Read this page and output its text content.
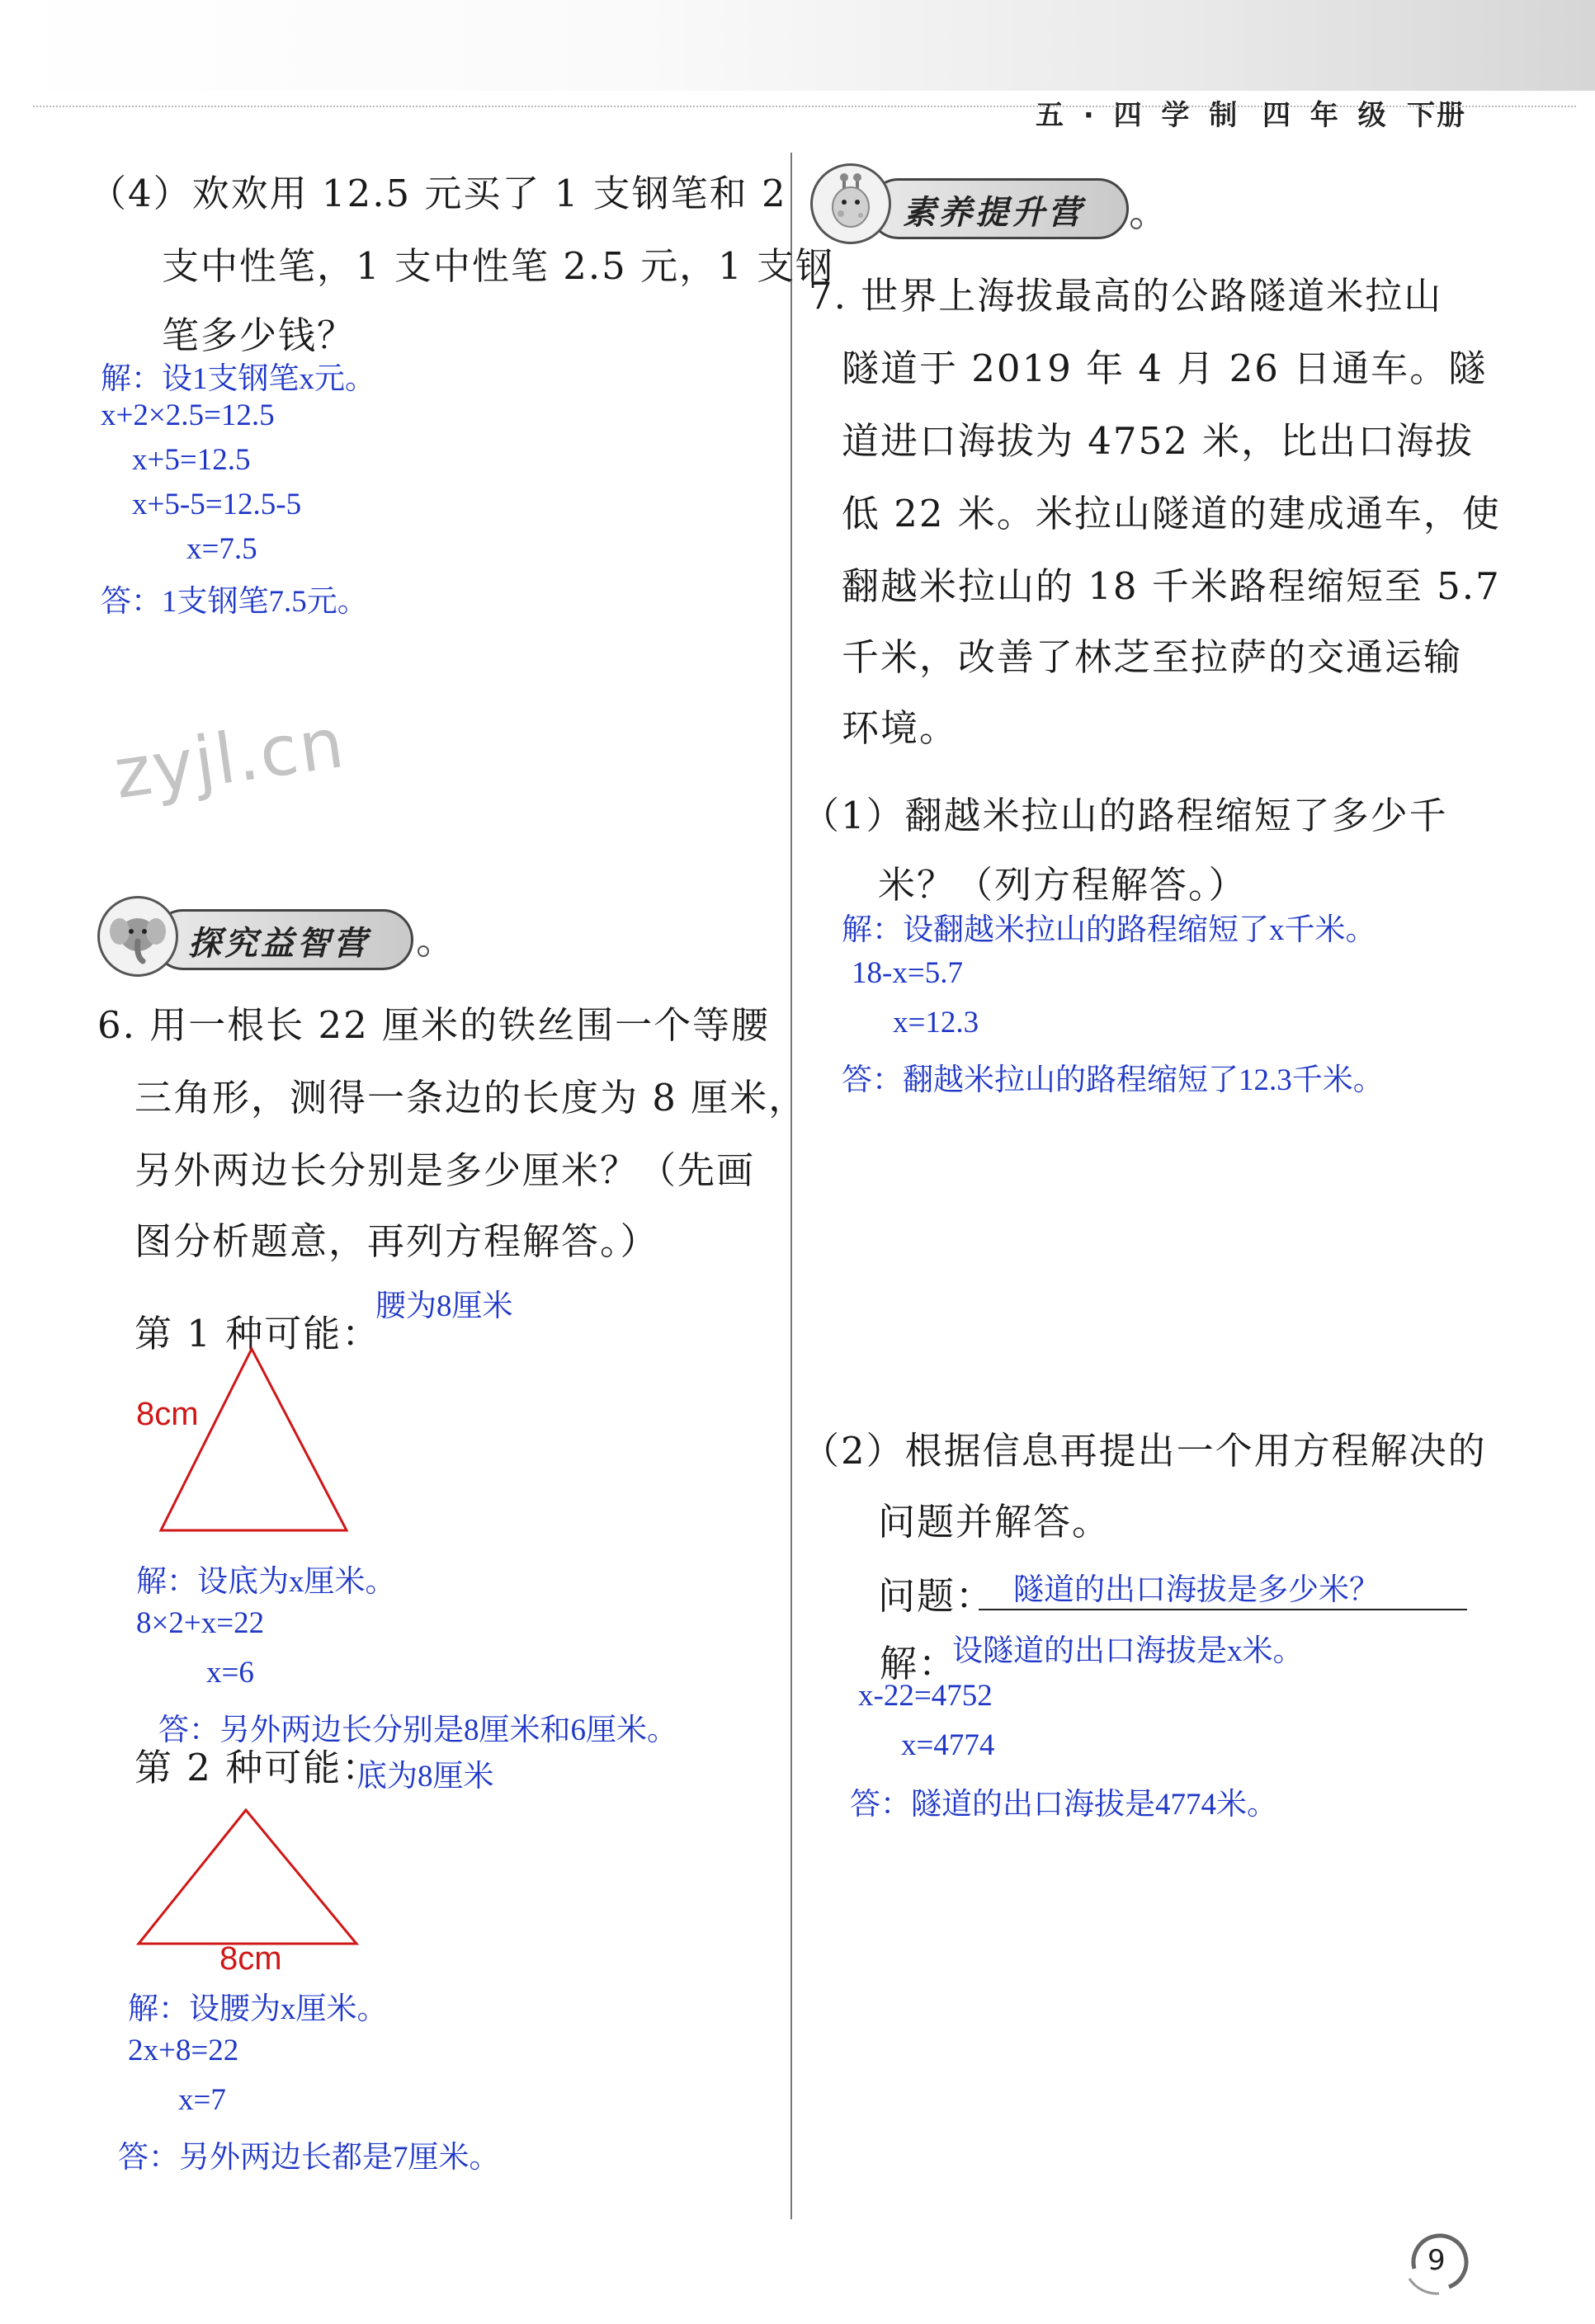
五 · 四 学 制 四 年 级 下册
（4）欢欢用 12.5 元买了 1 支钢笔和 2
支中性笔，1 支中性笔 2.5 元，1 支钢
笔多少钱？
解：设1支钢笔x元。
x+2×2.5=12.5
x+5=12.5
x+5-5=12.5-5
x=7.5
答：1支钢笔7.5元。
zyjl.cn
探究益智营
6. 用一根长 22 厘米的铁丝围一个等腰
三角形，测得一条边的长度为 8 厘米，
另外两边长分别是多少厘米？（先画
图分析题意，再列方程解答。）
第 1 种可能：
腰为8厘米
8cm
解：设底为x厘米。
8×2+x=22
x=6
答：另外两边长分别是8厘米和6厘米。
第 2 种可能：
底为8厘米
8cm
解：设腰为x厘米。
2x+8=22
x=7
答：另外两边长都是7厘米。
素养提升营
7. 世界上海拔最高的公路隧道米拉山
隧道于 2019 年 4 月 26 日通车。隧
道进口海拔为 4752 米，比出口海拔
低 22 米。米拉山隧道的建成通车，使
翻越米拉山的 18 千米路程缩短至 5.7
千米，改善了林芝至拉萨的交通运输
环境。
（1）翻越米拉山的路程缩短了多少千
米？（列方程解答。）
解：设翻越米拉山的路程缩短了x千米。
18-x=5.7
x=12.3
答：翻越米拉山的路程缩短了12.3千米。
（2）根据信息再提出一个用方程解决的
问题并解答。
问题： 隧道的出口海拔是多少米？
解：
设隧道的出口海拔是x米。
x-22=4752
x=4774
答：隧道的出口海拔是4774米。
9
